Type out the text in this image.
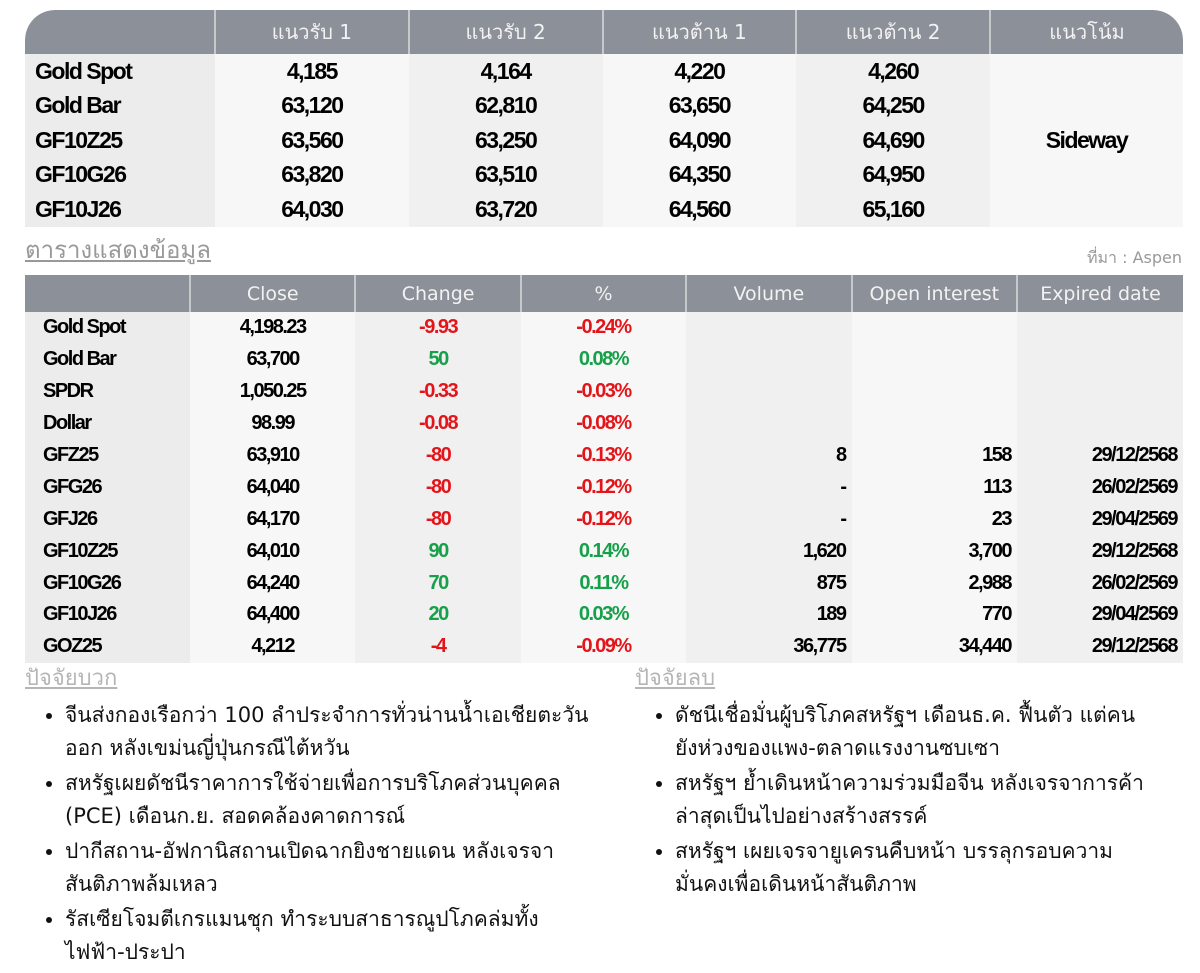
	แนวรับ 1	แนวรับ 2	แนวต้าน 1	แนวต้าน 2	แนวโน้ม
Gold Spot	4,185	4,164	4,220	4,260	Sideway
Gold Bar	63,120	62,810	63,650	64,250	
GF10Z25	63,560	63,250	64,090	64,690	
GF10G26	63,820	63,510	64,350	64,950	
GF10J26	64,030	63,720	64,560	65,160	
ตารางแสดงข้อมูล	ที่มา : Aspen
	Close	Change	%	Volume	Open interest	Expired date
Gold Spot	4,198.23	-9.93	-0.24%			
Gold Bar	63,700	50	0.08%			
SPDR	1,050.25	-0.33	-0.03%			
Dollar	98.99	-0.08	-0.08%			
GFZ25	63,910	-80	-0.13%	8	158	29/12/2568
GFG26	64,040	-80	-0.12%	-	113	26/02/2569
GFJ26	64,170	-80	-0.12%	-	23	29/04/2569
GF10Z25	64,010	90	0.14%	1,620	3,700	29/12/2568
GF10G26	64,240	70	0.11%	875	2,988	26/02/2569
GF10J26	64,400	20	0.03%	189	770	29/04/2569
GOZ25	4,212	-4	-0.09%	36,775	34,440	29/12/2568
ปัจจัยบวก
• จีนส่งกองเรือกว่า 100 ลำประจำการทั่วน่านน้ำเอเชียตะวันออก หลังเขม่นญี่ปุ่นกรณีไต้หวัน
• สหรัฐเผยดัชนีราคาการใช้จ่ายเพื่อการบริโภคส่วนบุคคล (PCE) เดือนก.ย. สอดคล้องคาดการณ์
• ปากีสถาน-อัฟกานิสถานเปิดฉากยิงชายแดน หลังเจรจาสันติภาพล้มเหลว
• รัสเซียโจมตีเกรแมนชุก ทำระบบสาธารณูปโภคล่มทั้งไฟฟ้า-ประปา
ปัจจัยลบ
• ดัชนีเชื่อมั่นผู้บริโภคสหรัฐฯ เดือนธ.ค. ฟื้นตัว แต่คนยังห่วงของแพง-ตลาดแรงงานซบเซา
• สหรัฐฯ ย้ำเดินหน้าความร่วมมือจีน หลังเจรจาการค้าล่าสุดเป็นไปอย่างสร้างสรรค์
• สหรัฐฯ เผยเจรจายูเครนคืบหน้า บรรลุกรอบความมั่นคงเพื่อเดินหน้าสันติภาพ
